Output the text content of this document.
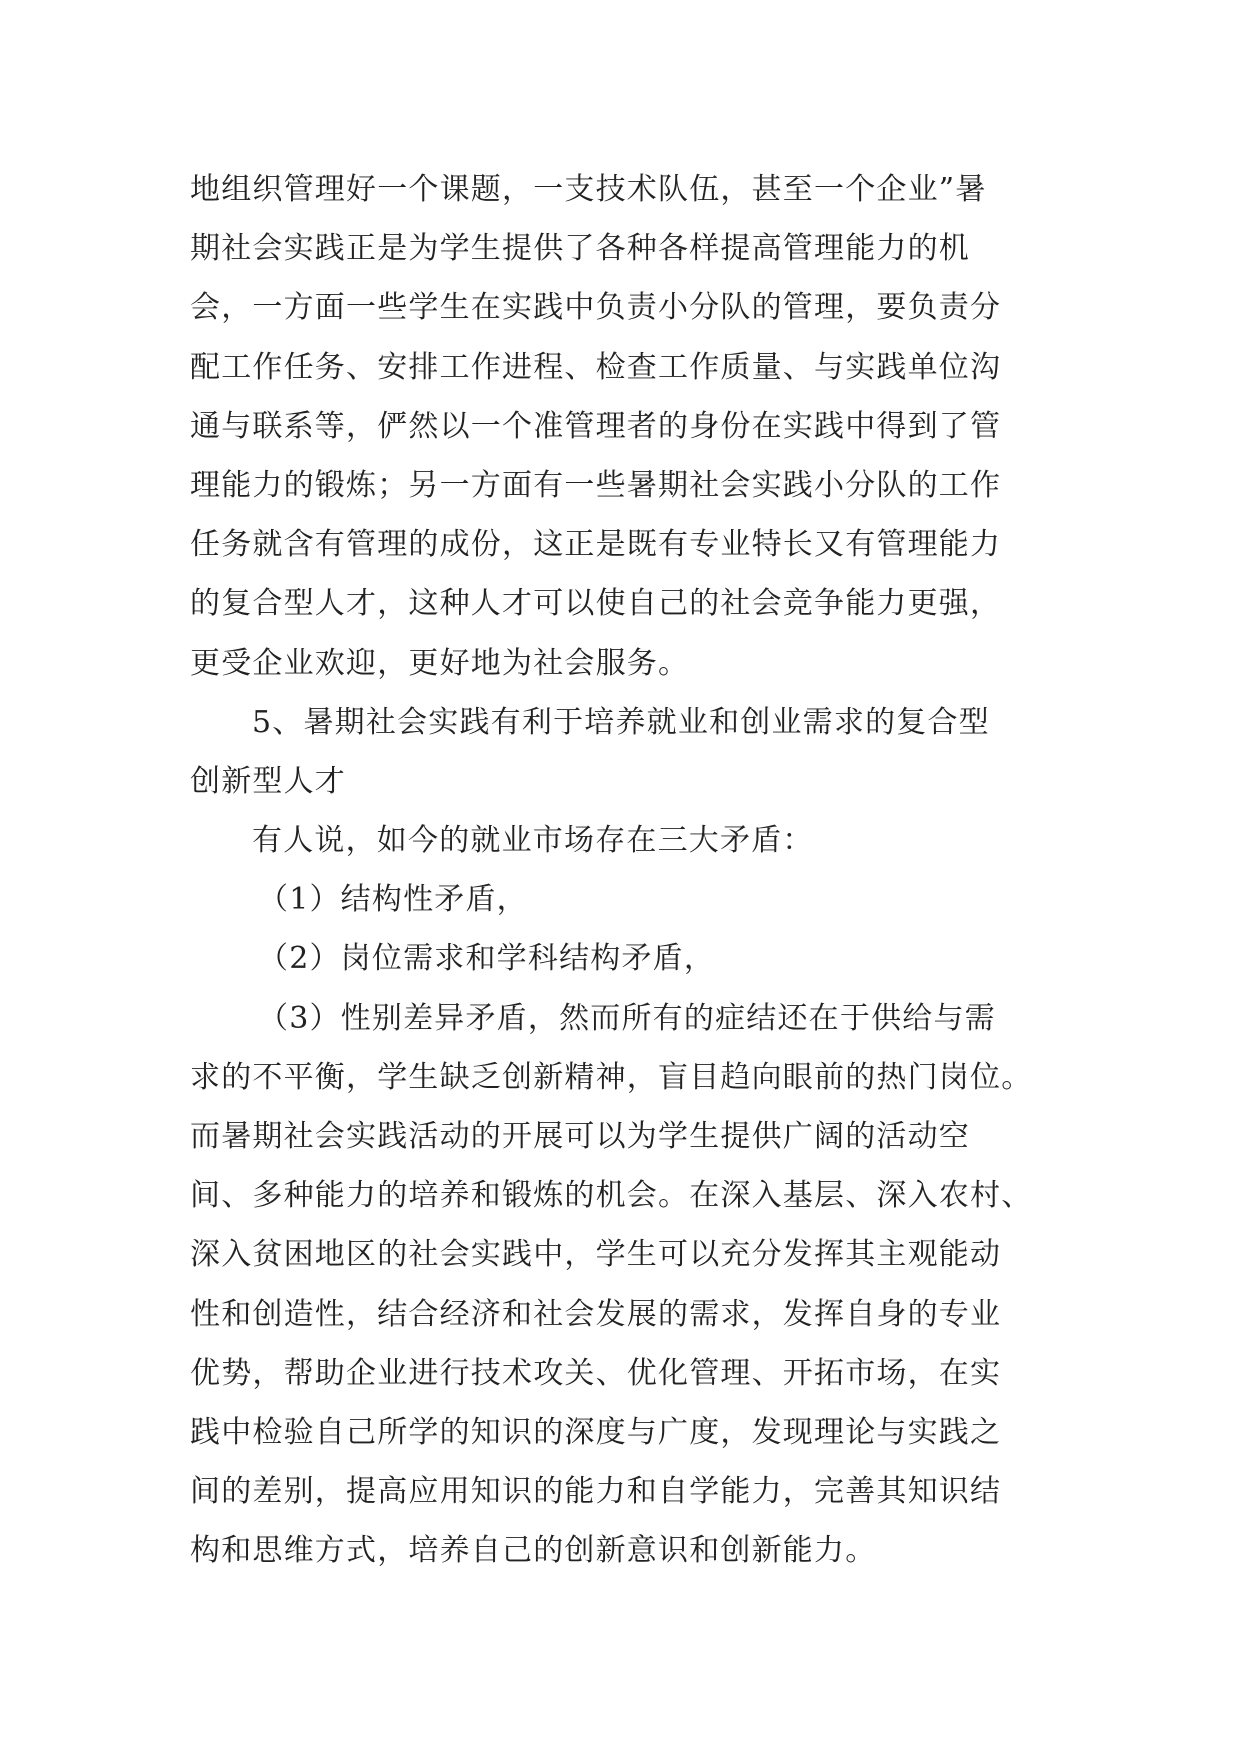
地组织管理好一个课题，一支技术队伍，甚至一个企业”暑
期社会实践正是为学生提供了各种各样提高管理能力的机
会，一方面一些学生在实践中负责小分队的管理，要负责分
配工作任务、安排工作进程、检查工作质量、与实践单位沟
通与联系等，俨然以一个准管理者的身份在实践中得到了管
理能力的锻炼；另一方面有一些暑期社会实践小分队的工作
任务就含有管理的成份，这正是既有专业特长又有管理能力
的复合型人才，这种人才可以使自己的社会竞争能力更强，
更受企业欢迎，更好地为社会服务。
5、暑期社会实践有利于培养就业和创业需求的复合型
创新型人才
有人说，如今的就业市场存在三大矛盾：
（1）结构性矛盾，
（2）岗位需求和学科结构矛盾，
（3）性别差异矛盾，然而所有的症结还在于供给与需
求的不平衡，学生缺乏创新精神，盲目趋向眼前的热门岗位。
而暑期社会实践活动的开展可以为学生提供广阔的活动空
间、多种能力的培养和锻炼的机会。在深入基层、深入农村、
深入贫困地区的社会实践中，学生可以充分发挥其主观能动
性和创造性，结合经济和社会发展的需求，发挥自身的专业
优势，帮助企业进行技术攻关、优化管理、开拓市场，在实
践中检验自己所学的知识的深度与广度，发现理论与实践之
间的差别，提高应用知识的能力和自学能力，完善其知识结
构和思维方式，培养自己的创新意识和创新能力。
